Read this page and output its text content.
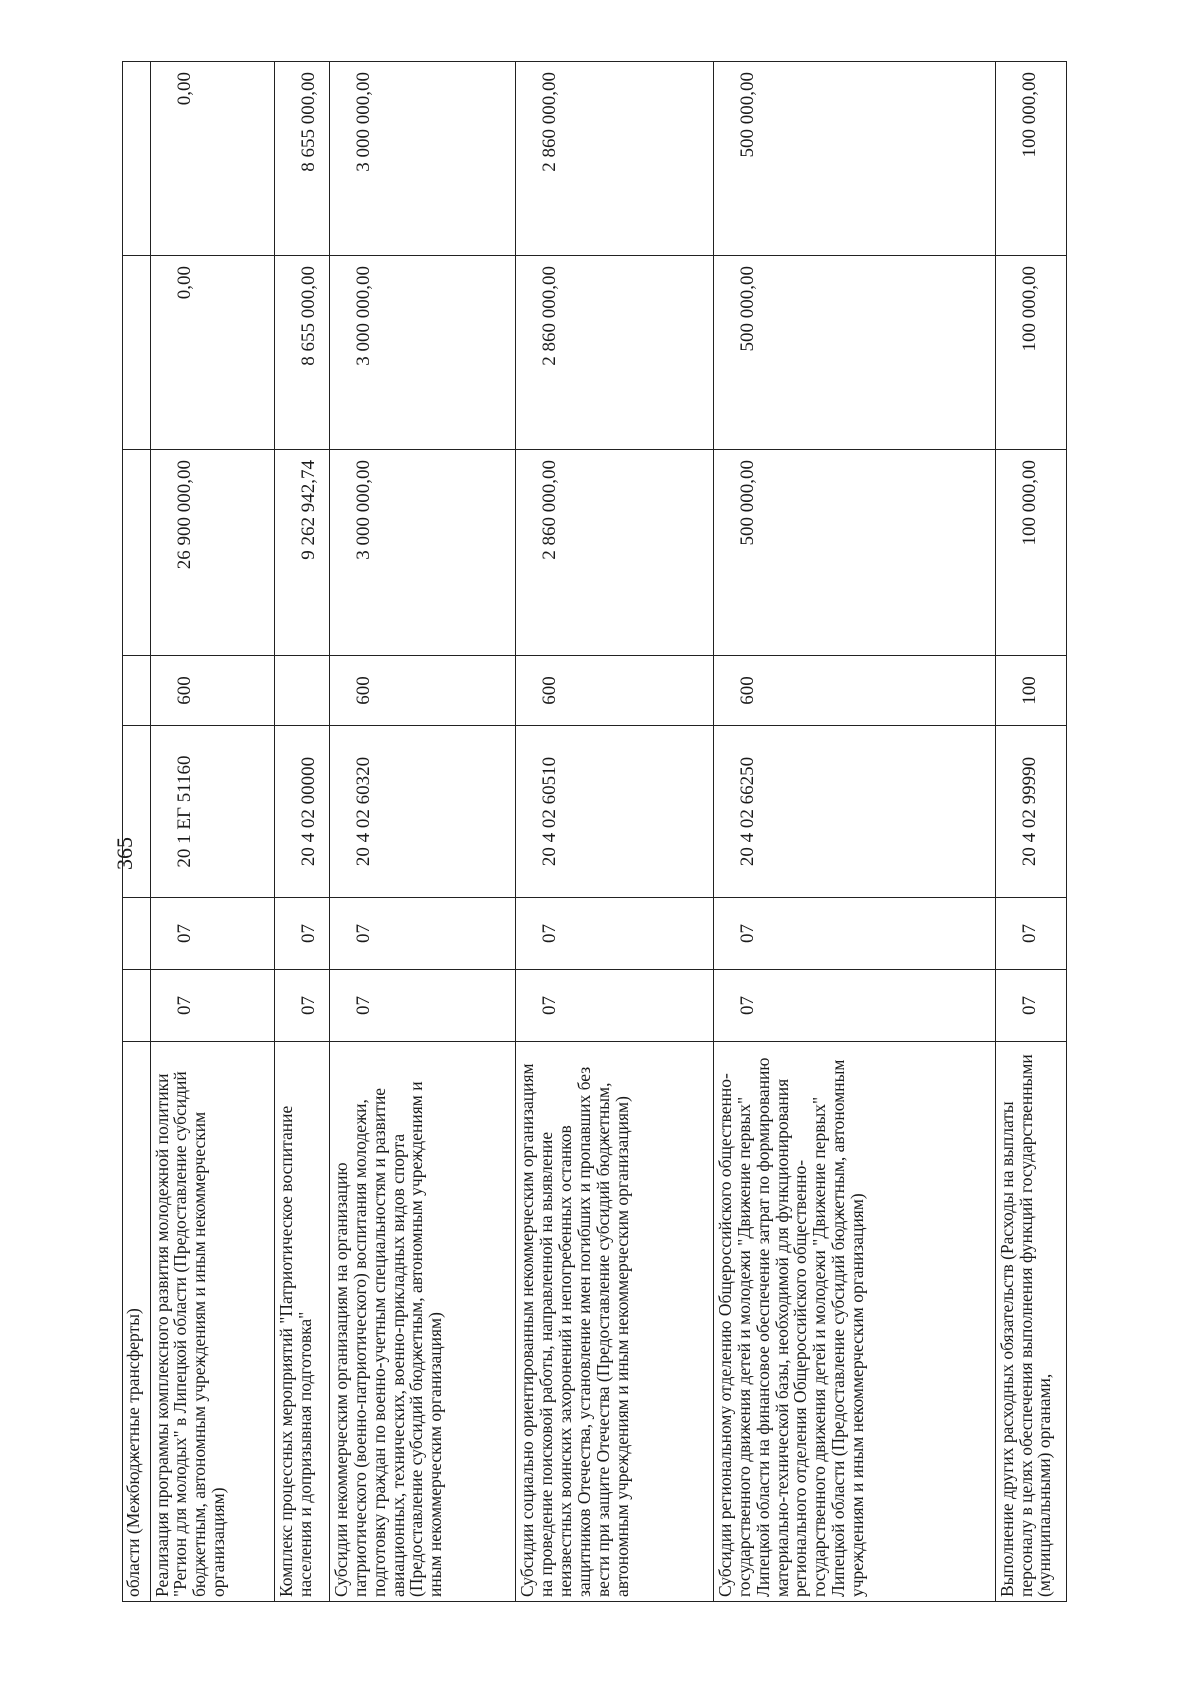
365
области (Межбюджетные трансферты)							
Реализация программы комплексного развития молодежной политики "Регион для молодых" в Липецкой области (Предоставление субсидий бюджетным, автономным учреждениям и иным некоммерческим организациям)	07	07	20 1 ЕГ 51160	600	26 900 000,00	0,00	0,00
Комплекс процессных мероприятий "Патриотическое воспитание населения и допризывная подготовка"	07	07	20 4 02 00000		9 262 942,74	8 655 000,00	8 655 000,00
Субсидии некоммерческим организациям на организацию патриотического (военно-патриотического) воспитания молодежи, подготовку граждан по военно-учетным специальностям и развитие авиационных, технических, военно-прикладных видов спорта (Предоставление субсидий бюджетным, автономным учреждениям и иным некоммерческим организациям)	07	07	20 4 02 60320	600	3 000 000,00	3 000 000,00	3 000 000,00
Субсидии социально ориентированным некоммерческим организациям на проведение поисковой работы, направленной на выявление неизвестных воинских захоронений и непогребенных останков защитников Отечества, установление имен погибших и пропавших без вести при защите Отечества (Предоставление субсидий бюджетным, автономным учреждениям и иным некоммерческим организациям)	07	07	20 4 02 60510	600	2 860 000,00	2 860 000,00	2 860 000,00
Субсидии региональному отделению Общероссийского общественно-государственного движения детей и молодежи "Движение первых" Липецкой области на финансовое обеспечение затрат по формированию материально-технической базы, необходимой для функционирования регионального отделения Общероссийского общественно-государственного движения детей и молодежи "Движение первых" Липецкой области (Предоставление субсидий бюджетным, автономным учреждениям и иным некоммерческим организациям)	07	07	20 4 02 66250	600	500 000,00	500 000,00	500 000,00
Выполнение других расходных обязательств (Расходы на выплаты персоналу в целях обеспечения выполнения функций государственными (муниципальными) органами,	07	07	20 4 02 99990	100	100 000,00	100 000,00	100 000,00
